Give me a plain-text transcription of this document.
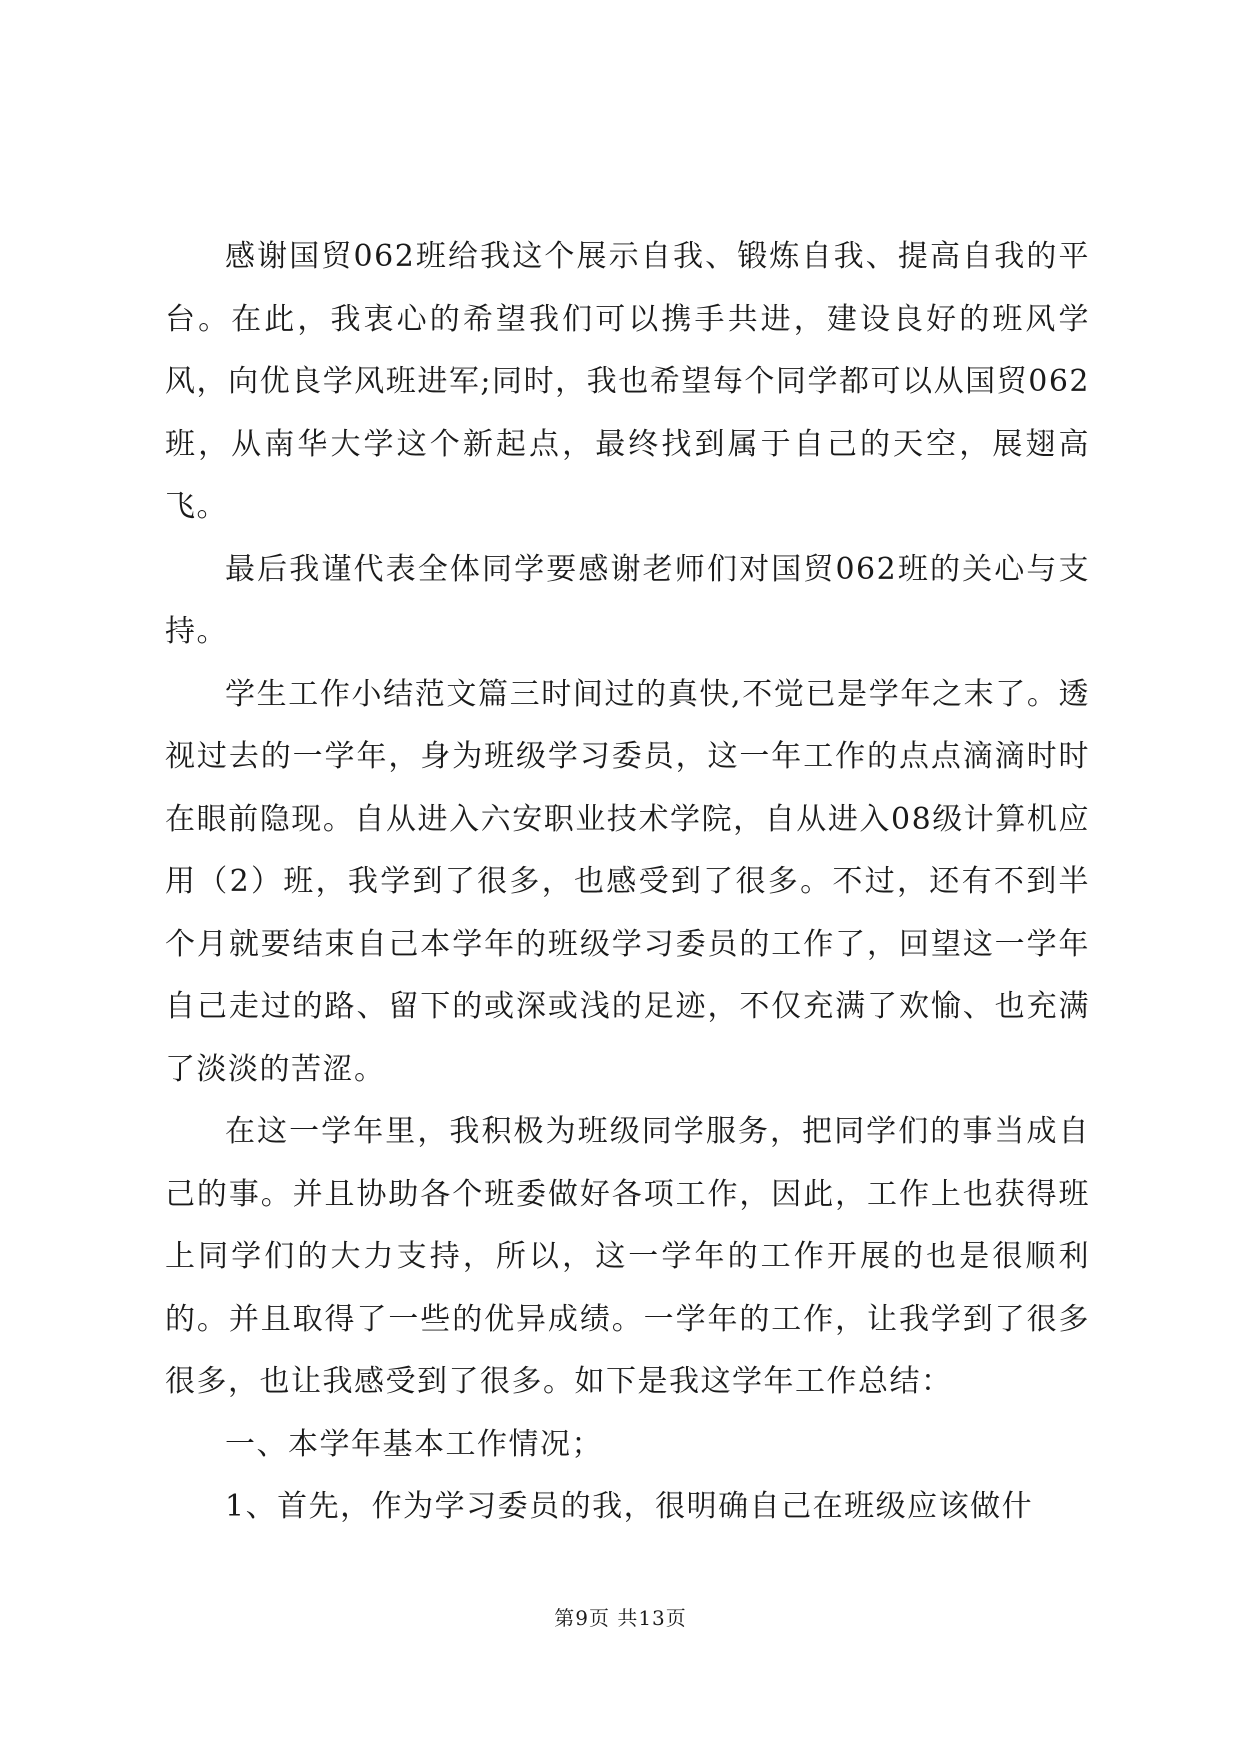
感谢国贸062班给我这个展示自我、锻炼自我、提高自我的平台。在此，我衷心的希望我们可以携手共进，建设良好的班风学风，向优良学风班进军;同时，我也希望每个同学都可以从国贸062班，从南华大学这个新起点，最终找到属于自己的天空，展翅高飞。

最后我谨代表全体同学要感谢老师们对国贸062班的关心与支持。

学生工作小结范文篇三时间过的真快,不觉已是学年之末了。透视过去的一学年，身为班级学习委员，这一年工作的点点滴滴时时在眼前隐现。自从进入六安职业技术学院，自从进入08级计算机应用（2）班，我学到了很多，也感受到了很多。不过，还有不到半个月就要结束自己本学年的班级学习委员的工作了，回望这一学年自己走过的路、留下的或深或浅的足迹，不仅充满了欢愉、也充满了淡淡的苦涩。

在这一学年里，我积极为班级同学服务，把同学们的事当成自己的事。并且协助各个班委做好各项工作，因此，工作上也获得班上同学们的大力支持，所以，这一学年的工作开展的也是很顺利的。并且取得了一些的优异成绩。一学年的工作，让我学到了很多很多，也让我感受到了很多。如下是我这学年工作总结：

一、本学年基本工作情况；

1、首先，作为学习委员的我，很明确自己在班级应该做什

第9页 共13页
